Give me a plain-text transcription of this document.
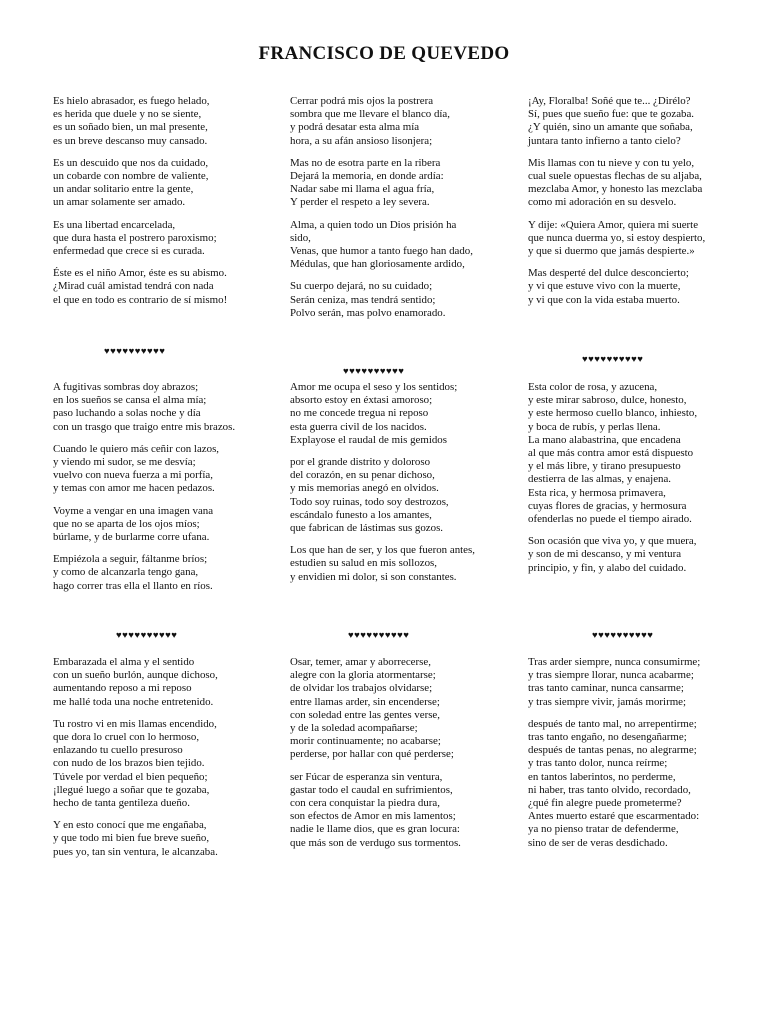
FRANCISCO DE QUEVEDO
Es hielo abrasador, es fuego helado,
es herida que duele y no se siente,
es un soñado bien, un mal presente,
es un breve descanso muy cansado.
Es un descuido que nos da cuidado,
un cobarde con nombre de valiente,
un andar solitario entre la gente,
un amar solamente ser amado.
Es una libertad encarcelada,
que dura hasta el postrero paroxismo;
enfermedad que crece si es curada.
Éste es el niño Amor, éste es su abismo.
¿Mirad cuál amistad tendrá con nada
el que en todo es contrario de sí mismo!
Cerrar podrá mis ojos la postrera
sombra que me llevare el blanco día,
y podrá desatar esta alma mía
hora, a su afán ansioso lisonjera;
Mas no de esotra parte en la ribera
Dejará la memoria, en donde ardía:
Nadar sabe mi llama el agua fría,
Y perder el respeto a ley severa.
Alma, a quien todo un Dios prisión ha
sido,
Venas, que humor a tanto fuego han dado,
Médulas, que han gloriosamente ardido,
Su cuerpo dejará, no su cuidado;
Serán ceniza, mas tendrá sentido;
Polvo serán, mas polvo enamorado.
¡Ay, Floralba! Soñé que te... ¿Dirélo?
Sí, pues que sueño fue: que te gozaba.
¿Y quién, sino un amante que soñaba,
juntara tanto infierno a tanto cielo?
Mis llamas con tu nieve y con tu yelo,
cual suele opuestas flechas de su aljaba,
mezclaba Amor, y honesto las mezclaba
como mi adoración en su desvelo.
Y dije: «Quiera Amor, quiera mi suerte
que nunca duerma yo, si estoy despierto,
y que si duermo que jamás despierte.»
Mas desperté del dulce desconcierto;
y vi que estuve vivo con la muerte,
y vi que con la vida estaba muerto.
♥♥♥♥♥♥♥♥♥♥
♥♥♥♥♥♥♥♥♥♥
♥♥♥♥♥♥♥♥♥♥
A fugitivas sombras doy abrazos;
en los sueños se cansa el alma mía;
paso luchando a solas noche y día
con un trasgo que traigo entre mis brazos.
Cuando le quiero más ceñir con lazos,
y viendo mi sudor, se me desvía;
vuelvo con nueva fuerza a mi porfía,
y temas con amor me hacen pedazos.
Voyme a vengar en una imagen vana
que no se aparta de los ojos míos;
búrlame, y de burlarme corre ufana.
Empiézola a seguir, fáltanme bríos;
y como de alcanzarla tengo gana,
hago correr tras ella el llanto en ríos.
Amor me ocupa el seso y los sentidos;
absorto estoy en éxtasi amoroso;
no me concede tregua ni reposo
esta guerra civil de los nacidos.
Explayose el raudal de mis gemidos
por el grande distrito y doloroso
del corazón, en su penar dichoso,
y mis memorias anegó en olvidos.
Todo soy ruinas, todo soy destrozos,
escándalo funesto a los amantes,
que fabrican de lástimas sus gozos.
Los que han de ser, y los que fueron antes,
estudien su salud en mis sollozos,
y envidien mi dolor, si son constantes.
Esta color de rosa, y azucena,
y este mirar sabroso, dulce, honesto,
y este hermoso cuello blanco, inhiesto,
y boca de rubís, y perlas llena.
La mano alabastrina, que encadena
al que más contra amor está dispuesto
y el más libre, y tirano presupuesto
destierra de las almas, y enajena.
Esta rica, y hermosa primavera,
cuyas flores de gracias, y hermosura
ofenderlas no puede el tiempo airado.
Son ocasión que viva yo, y que muera,
y son de mi descanso, y mi ventura
principio, y fin, y alabo del cuidado.
♥♥♥♥♥♥♥♥♥♥	♥♥♥♥♥♥♥♥♥♥	♥♥♥♥♥♥♥♥♥♥
Embarazada el alma y el sentido
con un sueño burlón, aunque dichoso,
aumentando reposo a mi reposo
me hallé toda una noche entretenido.
Tu rostro vi en mis llamas encendido,
que dora lo cruel con lo hermoso,
enlazando tu cuello presuroso
con nudo de los brazos bien tejido.
Túvele por verdad el bien pequeño;
¡llegué luego a soñar que te gozaba,
hecho de tanta gentileza dueño.
Y en esto conocí que me engañaba,
y que todo mi bien fue breve sueño,
pues yo, tan sin ventura, le alcanzaba.
Osar, temer, amar y aborrecerse,
alegre con la gloria atormentarse;
de olvidar los trabajos olvidarse;
entre llamas arder, sin encenderse;
con soledad entre las gentes verse,
y de la soledad acompañarse;
morir continuamente; no acabarse;
perderse, por hallar con qué perderse;
ser Fúcar de esperanza sin ventura,
gastar todo el caudal en sufrimientos,
con cera conquistar la piedra dura,
son efectos de Amor en mis lamentos;
nadie le llame dios, que es gran locura:
que más son de verdugo sus tormentos.
Tras arder siempre, nunca consumirme;
y tras siempre llorar, nunca acabarme;
tras tanto caminar, nunca cansarme;
y tras siempre vivir, jamás morirme;
después de tanto mal, no arrepentirme;
tras tanto engaño, no desengañarme;
después de tantas penas, no alegrarme;
y tras tanto dolor, nunca reírme;
en tantos laberintos, no perderme,
ni haber, tras tanto olvido, recordado,
¿qué fin alegre puede prometerme?
Antes muerto estaré que escarmentado:
ya no pienso tratar de defenderme,
sino de ser de veras desdichado.
